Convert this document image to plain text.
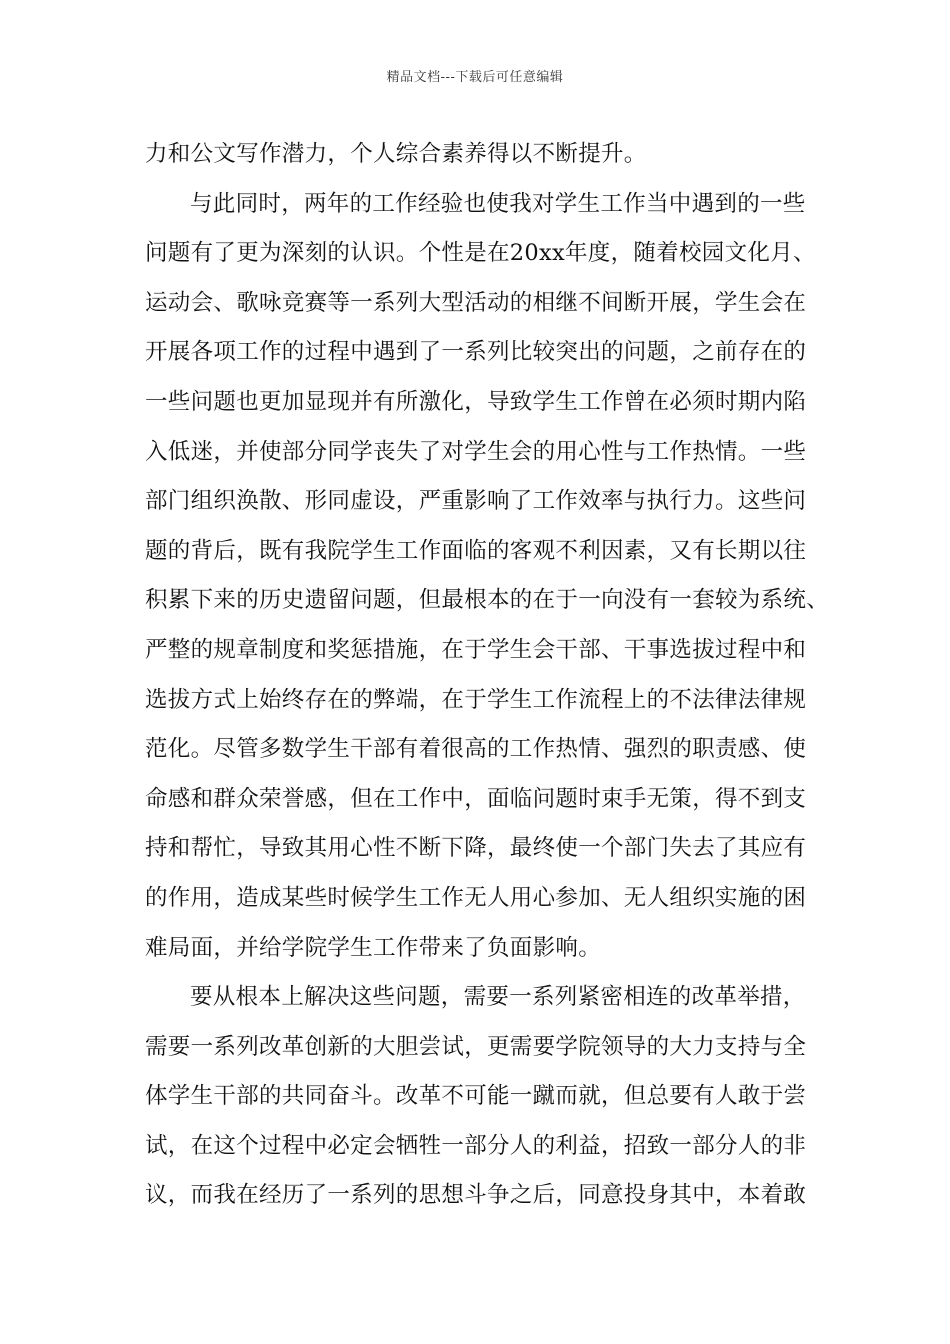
精品文档---下载后可任意编辑
力和公文写作潜力，个人综合素养得以不断提升。
与此同时，两年的工作经验也使我对学生工作当中遇到的一些
问题有了更为深刻的认识。个性是在20xx年度，随着校园文化月、
运动会、歌咏竞赛等一系列大型活动的相继不间断开展，学生会在
开展各项工作的过程中遇到了一系列比较突出的问题，之前存在的
一些问题也更加显现并有所激化，导致学生工作曾在必须时期内陷
入低迷，并使部分同学丧失了对学生会的用心性与工作热情。一些
部门组织涣散、形同虚设，严重影响了工作效率与执行力。这些问
题的背后，既有我院学生工作面临的客观不利因素，又有长期以往
积累下来的历史遗留问题，但最根本的在于一向没有一套较为系统、
严整的规章制度和奖惩措施，在于学生会干部、干事选拔过程中和
选拔方式上始终存在的弊端，在于学生工作流程上的不法律法律规
范化。尽管多数学生干部有着很高的工作热情、强烈的职责感、使
命感和群众荣誉感，但在工作中，面临问题时束手无策，得不到支
持和帮忙，导致其用心性不断下降，最终使一个部门失去了其应有
的作用，造成某些时候学生工作无人用心参加、无人组织实施的困
难局面，并给学院学生工作带来了负面影响。
要从根本上解决这些问题，需要一系列紧密相连的改革举措，
需要一系列改革创新的大胆尝试，更需要学院领导的大力支持与全
体学生干部的共同奋斗。改革不可能一蹴而就，但总要有人敢于尝
试，在这个过程中必定会牺牲一部分人的利益，招致一部分人的非
议，而我在经历了一系列的思想斗争之后，同意投身其中，本着敢
